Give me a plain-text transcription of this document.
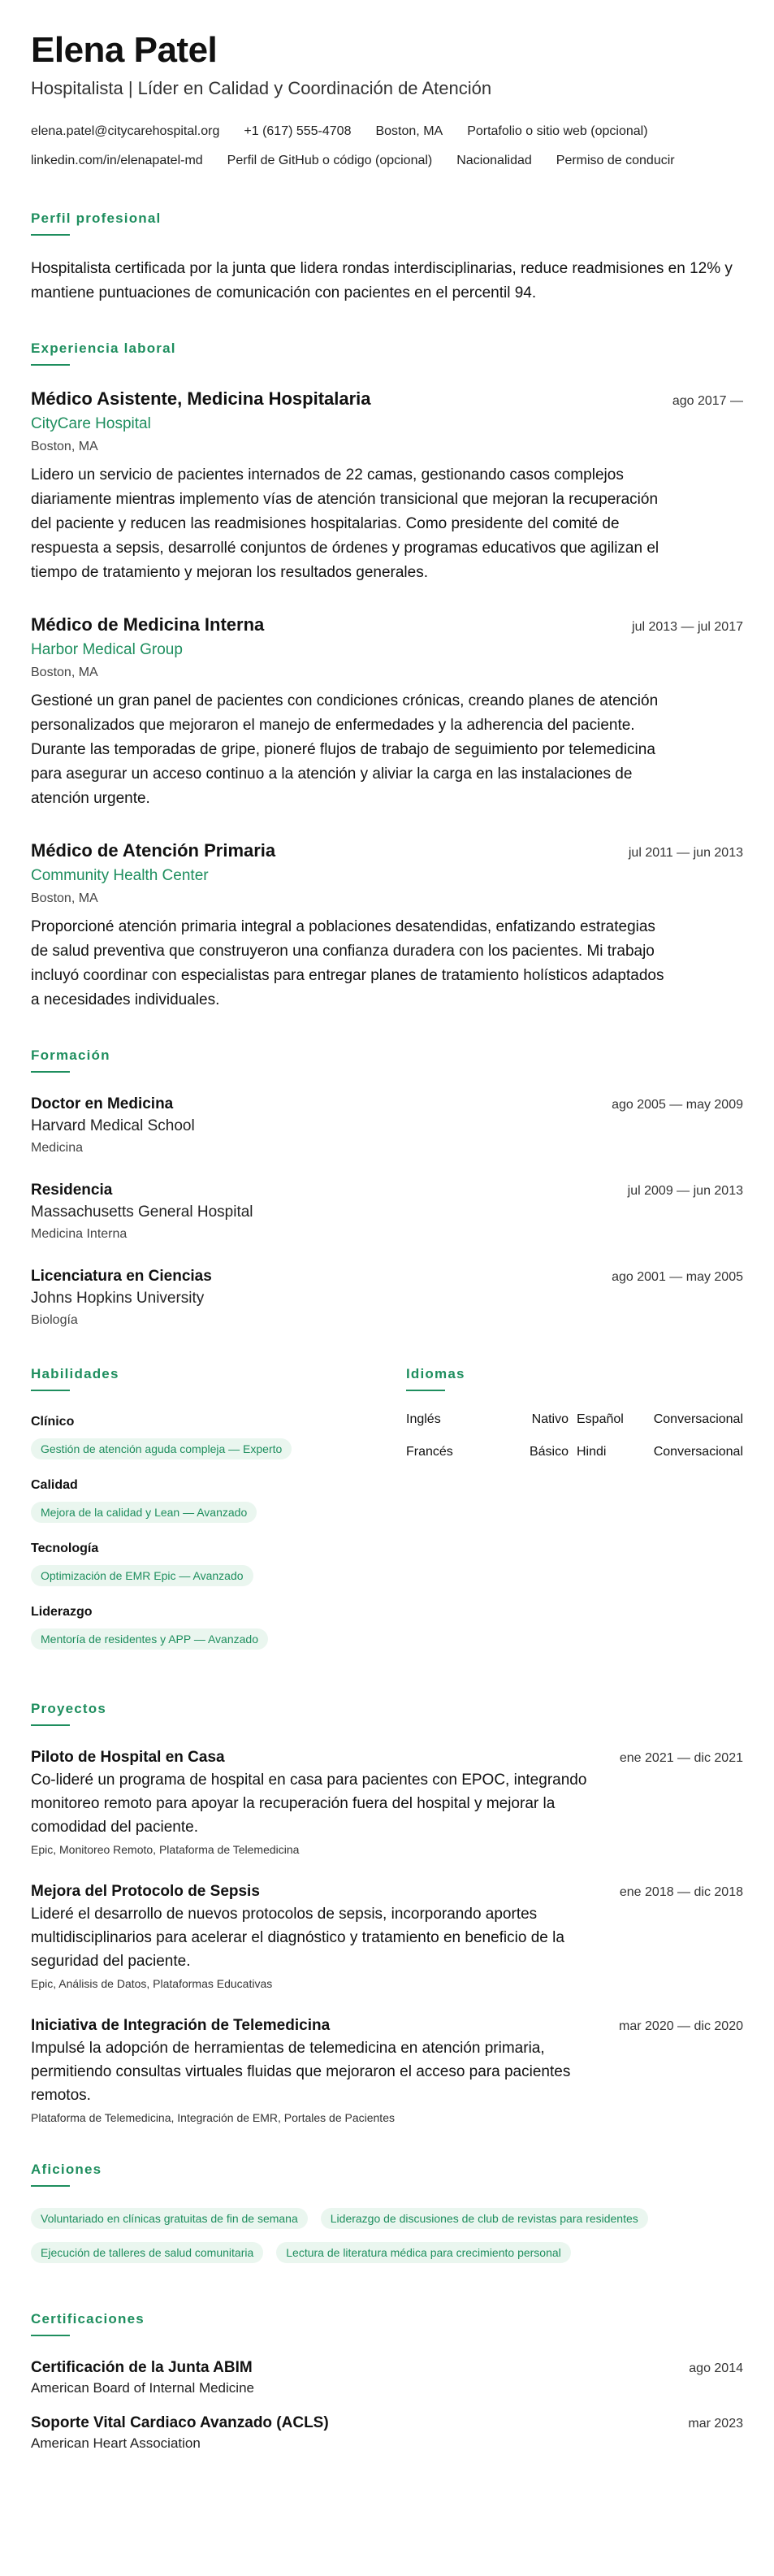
Elena Patel
Hospitalista | Líder en Calidad y Coordinación de Atención
elena.patel@citycarehospital.org +1 (617) 555-4708 Boston, MA Portafolio o sitio web (opcional)
linkedin.com/in/elenapatel-md Perfil de GitHub o código (opcional) Nacionalidad Permiso de conducir
Perfil profesional
Hospitalista certificada por la junta que lidera rondas interdisciplinarias, reduce readmisiones en 12% y mantiene puntuaciones de comunicación con pacientes en el percentil 94.
Experiencia laboral
Médico Asistente, Medicina Hospitalaria	ago 2017 —
CityCare Hospital
Boston, MA
Lidero un servicio de pacientes internados de 22 camas, gestionando casos complejos diariamente mientras implemento vías de atención transicional que mejoran la recuperación del paciente y reducen las readmisiones hospitalarias. Como presidente del comité de respuesta a sepsis, desarrollé conjuntos de órdenes y programas educativos que agilizan el tiempo de tratamiento y mejoran los resultados generales.
Médico de Medicina Interna	jul 2013 — jul 2017
Harbor Medical Group
Boston, MA
Gestioné un gran panel de pacientes con condiciones crónicas, creando planes de atención personalizados que mejoraron el manejo de enfermedades y la adherencia del paciente. Durante las temporadas de gripe, pioneré flujos de trabajo de seguimiento por telemedicina para asegurar un acceso continuo a la atención y aliviar la carga en las instalaciones de atención urgente.
Médico de Atención Primaria	jul 2011 — jun 2013
Community Health Center
Boston, MA
Proporcioné atención primaria integral a poblaciones desatendidas, enfatizando estrategias de salud preventiva que construyeron una confianza duradera con los pacientes. Mi trabajo incluyó coordinar con especialistas para entregar planes de tratamiento holísticos adaptados a necesidades individuales.
Formación
Doctor en Medicina	ago 2005 — may 2009
Harvard Medical School
Medicina
Residencia	jul 2009 — jun 2013
Massachusetts General Hospital
Medicina Interna
Licenciatura en Ciencias	ago 2001 — may 2005
Johns Hopkins University
Biología
Habilidades
Clínico
Gestión de atención aguda compleja — Experto
Calidad
Mejora de la calidad y Lean — Avanzado
Tecnología
Optimización de EMR Epic — Avanzado
Liderazgo
Mentoría de residentes y APP — Avanzado
Idiomas
Inglés	Nativo Español	Conversacional
Francés	Básico Hindi	Conversacional
Proyectos
Piloto de Hospital en Casa	ene 2021 — dic 2021
Co-lideré un programa de hospital en casa para pacientes con EPOC, integrando monitoreo remoto para apoyar la recuperación fuera del hospital y mejorar la comodidad del paciente.
Epic, Monitoreo Remoto, Plataforma de Telemedicina
Mejora del Protocolo de Sepsis	ene 2018 — dic 2018
Lideré el desarrollo de nuevos protocolos de sepsis, incorporando aportes multidisciplinarios para acelerar el diagnóstico y tratamiento en beneficio de la seguridad del paciente.
Epic, Análisis de Datos, Plataformas Educativas
Iniciativa de Integración de Telemedicina	mar 2020 — dic 2020
Impulsé la adopción de herramientas de telemedicina en atención primaria, permitiendo consultas virtuales fluidas que mejoraron el acceso para pacientes remotos.
Plataforma de Telemedicina, Integración de EMR, Portales de Pacientes
Aficiones
Voluntariado en clínicas gratuitas de fin de semana	Liderazgo de discusiones de club de revistas para residentes
Ejecución de talleres de salud comunitaria	Lectura de literatura médica para crecimiento personal
Certificaciones
Certificación de la Junta ABIM	ago 2014
American Board of Internal Medicine
Soporte Vital Cardiaco Avanzado (ACLS)	mar 2023
American Heart Association
